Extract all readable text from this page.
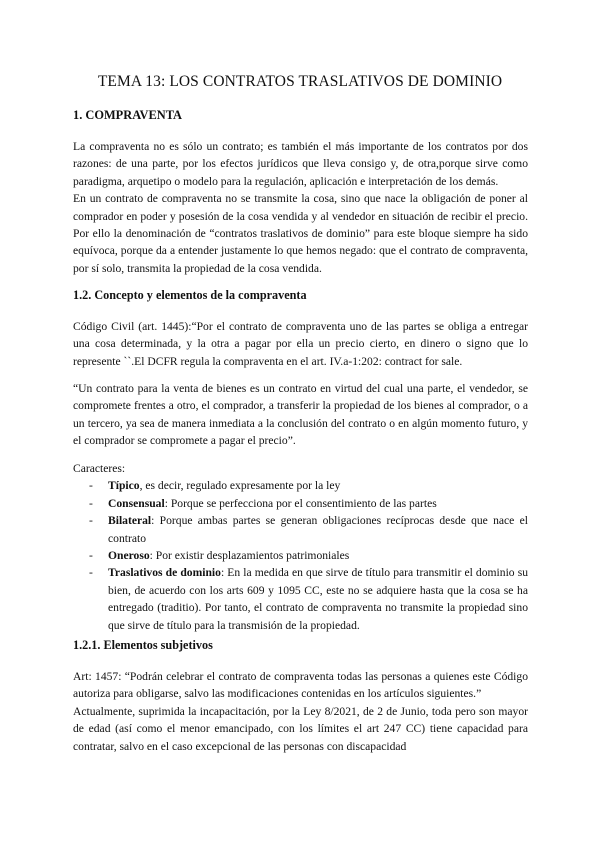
TEMA 13: LOS CONTRATOS TRASLATIVOS DE DOMINIO
1. COMPRAVENTA

La compraventa no es sólo un contrato; es también el más importante de los contratos por dos razones: de una parte, por los efectos jurídicos que lleva consigo y, de otra,porque sirve como paradigma, arquetipo o modelo para la regulación, aplicación e interpretación de los demás.

En un contrato de compraventa no se transmite la cosa, sino que nace la obligación de poner al comprador en poder y posesión de la cosa vendida y al vendedor en situación de recibir el precio. Por ello la denominación de “contratos traslativos de dominio” para este bloque siempre ha sido equívoca, porque da a entender justamente lo que hemos negado: que el contrato de compraventa, por sí solo, transmita la propiedad de la cosa vendida.

1.2. Concepto y elementos de la compraventa

Código Civil (art. 1445):“Por el contrato de compraventa uno de las partes se obliga a entregar una cosa determinada, y la otra a pagar por ella un precio cierto, en dinero o signo que lo represente ``.El DCFR regula la compraventa en el art. IV.a-1:202: contract for sale.

“Un contrato para la venta de bienes es un contrato en virtud del cual una parte, el vendedor, se compromete frentes a otro, el comprador, a transferir la propiedad de los bienes al comprador, o a un tercero, ya sea de manera inmediata a la conclusión del contrato o en algún momento futuro, y el comprador se compromete a pagar el precio”.

Caracteres:

- Típico, es decir, regulado expresamente por la ley
- Consensual: Porque se perfecciona por el consentimiento de las partes
- Bilateral: Porque ambas partes se generan obligaciones recíprocas desde que nace el contrato
- Oneroso: Por existir desplazamientos patrimoniales
- Traslativos de dominio: En la medida en que sirve de título para transmitir el dominio su bien, de acuerdo con los arts 609 y 1095 CC, este no se adquiere hasta que la cosa se ha entregado (traditio). Por tanto, el contrato de compraventa no transmite la propiedad sino que sirve de título para la transmisión de la propiedad.
1.2.1. Elementos subjetivos

Art: 1457: “Podrán celebrar el contrato de compraventa todas las personas a quienes este Código autoriza para obligarse, salvo las modificaciones contenidas en los artículos siguientes.”

Actualmente, suprimida la incapacitación, por la Ley 8/2021, de 2 de Junio, toda pero son mayor de edad (así como el menor emancipado, con los límites el art 247 CC) tiene capacidad para contratar, salvo en el caso excepcional de las personas con discapacidad
